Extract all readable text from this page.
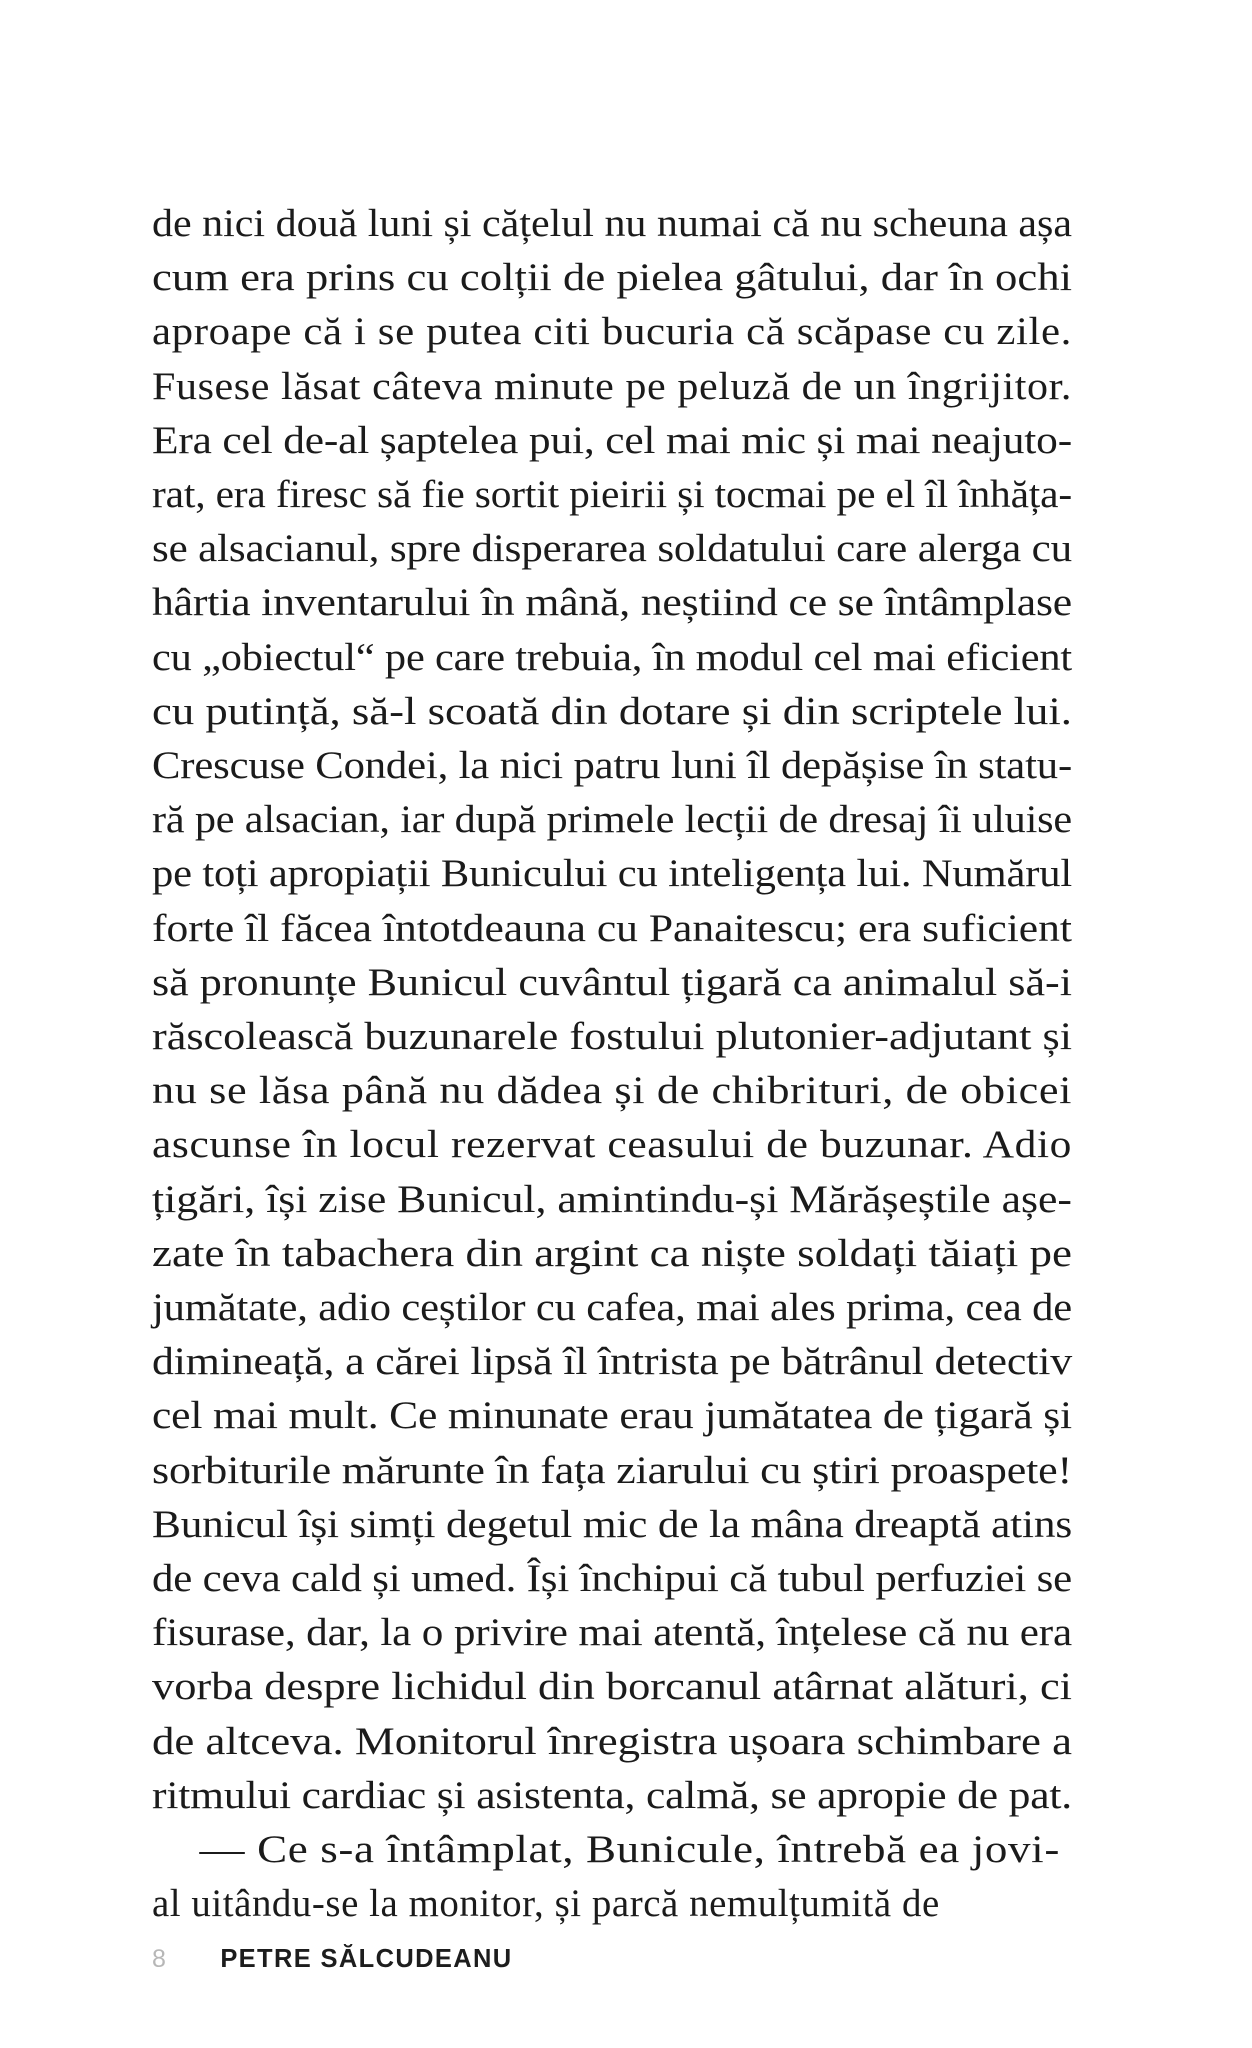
de nici două luni și cățelul nu numai că nu scheuna așa
cum era prins cu colții de pielea gâtului, dar în ochi
aproape că i se putea citi bucuria că scăpase cu zile.
Fusese lăsat câteva minute pe peluză de un îngrijitor.
Era cel de-al șaptelea pui, cel mai mic și mai neajuto-
rat, era firesc să fie sortit pieirii și tocmai pe el îl înhăța-
se alsacianul, spre disperarea soldatului care alerga cu
hârtia inventarului în mână, neștiind ce se întâmplase
cu „obiectul“ pe care trebuia, în modul cel mai eficient
cu putință, să-l scoată din dotare și din scriptele lui.
Crescuse Condei, la nici patru luni îl depășise în statu-
ră pe alsacian, iar după primele lecții de dresaj îi uluise
pe toți apropiații Bunicului cu inteligența lui. Numărul
forte îl făcea întotdeauna cu Panaitescu; era suficient
să pronunțe Bunicul cuvântul țigară ca animalul să-i
răscolească buzunarele fostului plutonier-adjutant și
nu se lăsa până nu dădea și de chibrituri, de obicei
ascunse în locul rezervat ceasului de buzunar. Adio
țigări, își zise Bunicul, amintindu-și Mărășeștile așe-
zate în tabachera din argint ca niște soldați tăiați pe
jumătate, adio ceștilor cu cafea, mai ales prima, cea de
dimineață, a cărei lipsă îl întrista pe bătrânul detectiv
cel mai mult. Ce minunate erau jumătatea de țigară și
sorbiturile mărunte în fața ziarului cu știri proaspete!
Bunicul își simți degetul mic de la mâna dreaptă atins
de ceva cald și umed. Își închipui că tubul perfuziei se
fisurase, dar, la o privire mai atentă, înțelese că nu era
vorba despre lichidul din borcanul atârnat alături, ci
de altceva. Monitorul înregistra ușoara schimbare a
ritmului cardiac și asistenta, calmă, se apropie de pat.
— Ce s-a întâmplat, Bunicule, întrebă ea jovi-
al uitându-se la monitor, și parcă nemulțumită de
8 PETRE SĂLCUDEANU
